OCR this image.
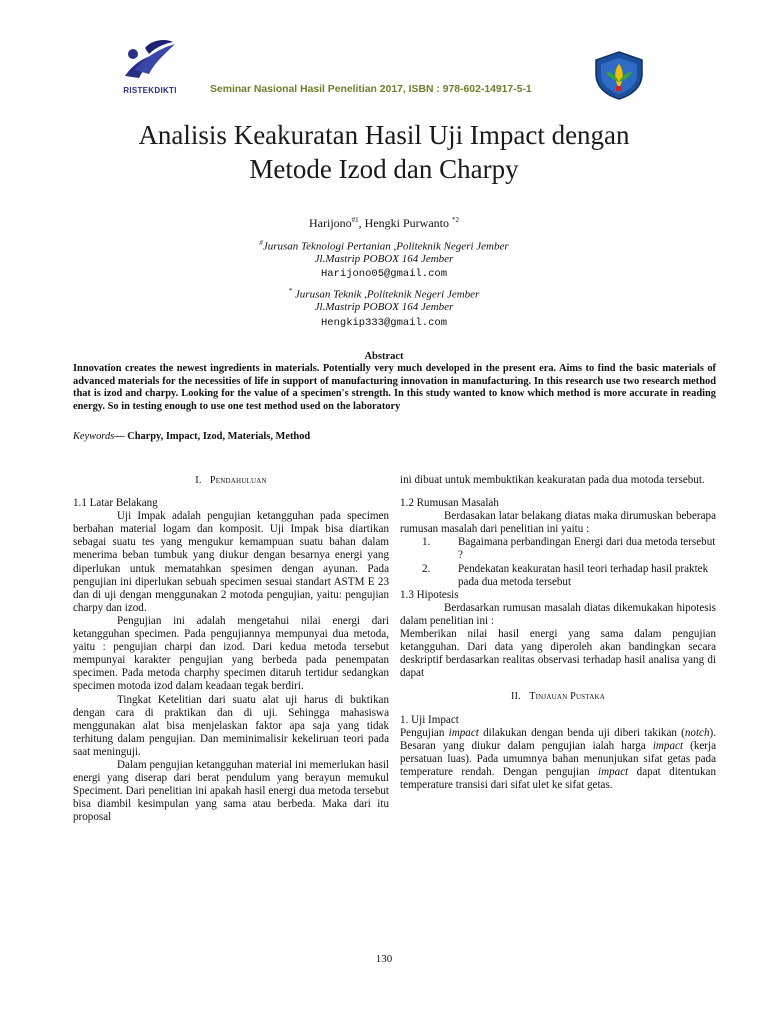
RISTEKDIKTI	Seminar Nasional Hasil Penelitian 2017, ISBN : 978-602-14917-5-1
Analisis Keakuratan Hasil Uji Impact dengan
Metode Izod dan Charpy
Harijono$^{\#1}$, Hengki Purwanto $^{*2}$
#Jurusan Teknologi Pertanian ,Politeknik Negeri Jember
Jl.Mastrip POBOX 164 Jember
Harijono05@gmail.com
* Jurusan Teknik ,Politeknik Negeri Jember
Jl.Mastrip POBOX 164 Jember
Hengkip333@gmail.com
Abstract
Innovation creates the newest ingredients in materials. Potentially very much developed in the present era. Aims to find the basic materials of advanced materials for the necessities of life in support of manufacturing innovation in manufacturing. In this research use two research method that is izod and charpy. Looking for the value of a specimen's strength. In this study wanted to know which method is more accurate in reading energy. So in testing enough to use one test method used on the laboratory
Keywords— Charpy, Impact, Izod, Materials, Method
I. Pendahuluan

1.1 Latar Belakang

Uji Impak adalah pengujian ketangguhan pada specimen berbahan material logam dan komposit. Uji Impak bisa diartikan sebagai suatu tes yang mengukur kemampuan suatu bahan dalam menerima beban tumbuk yang diukur dengan besarnya energi yang diperlukan untuk mematahkan spesimen dengan ayunan. Pada pengujian ini diperlukan sebuah specimen sesuai standart ASTM E 23 dan di uji dengan menggunakan 2 motoda pengujian, yaitu: pengujian charpy dan izod.

Pengujian ini adalah mengetahui nilai energi dari ketangguhan specimen. Pada pengujiannya mempunyai dua metoda, yaitu : pengujian charpi dan izod. Dari kedua metoda tersebut mempunyai karakter pengujian yang berbeda pada penempatan specimen. Pada metoda charphy specimen ditaruh tertidur sedangkan specimen motoda izod dalam keadaan tegak berdiri.

Tingkat Ketelitian dari suatu alat uji harus di buktikan dengan cara di praktikan dan di uji. Sehingga mahasiswa menggunakan alat bisa menjelaskan faktor apa saja yang tidak terhitung dalam pengujian. Dan meminimalisir kekeliruan teori pada saat meninguji.

Dalam pengujian ketangguhan material ini memerlukan hasil energi yang diserap dari berat pendulum yang berayun memukul Speciment. Dari penelitian ini apakah hasil energi dua metoda tersebut bisa diambil kesimpulan yang sama atau berbeda. Maka dari itu proposal

ini dibuat untuk membuktikan keakuratan pada dua motoda tersebut.

1.2 Rumusan Masalah

Berdasakan latar belakang diatas maka dirumuskan beberapa rumusan masalah dari penelitian ini yaitu :

1. Bagaimana perbandingan Energi dari dua metoda tersebut ?
2. Pendekatan keakuratan hasil teori terhadap hasil praktek pada dua metoda tersebut

1.3 Hipotesis

Berdasarkan rumusan masalah diatas dikemukakan hipotesis dalam penelitian ini :

Memberikan nilai hasil energi yang sama dalam pengujian ketangguhan. Dari data yang diperoleh akan bandingkan secara deskriptif berdasarkan realitas observasi terhadap hasil analisa yang di dapat

II. Tinjauan Pustaka

1. Uji Impact

Pengujian impact dilakukan dengan benda uji diberi takikan (notch). Besaran yang diukur dalam pengujian ialah harga impact (kerja persatuan luas). Pada umumnya bahan menunjukan sifat getas pada temperature rendah. Dengan pengujian impact dapat ditentukan temperature transisi dari sifat ulet ke sifat getas.

130
